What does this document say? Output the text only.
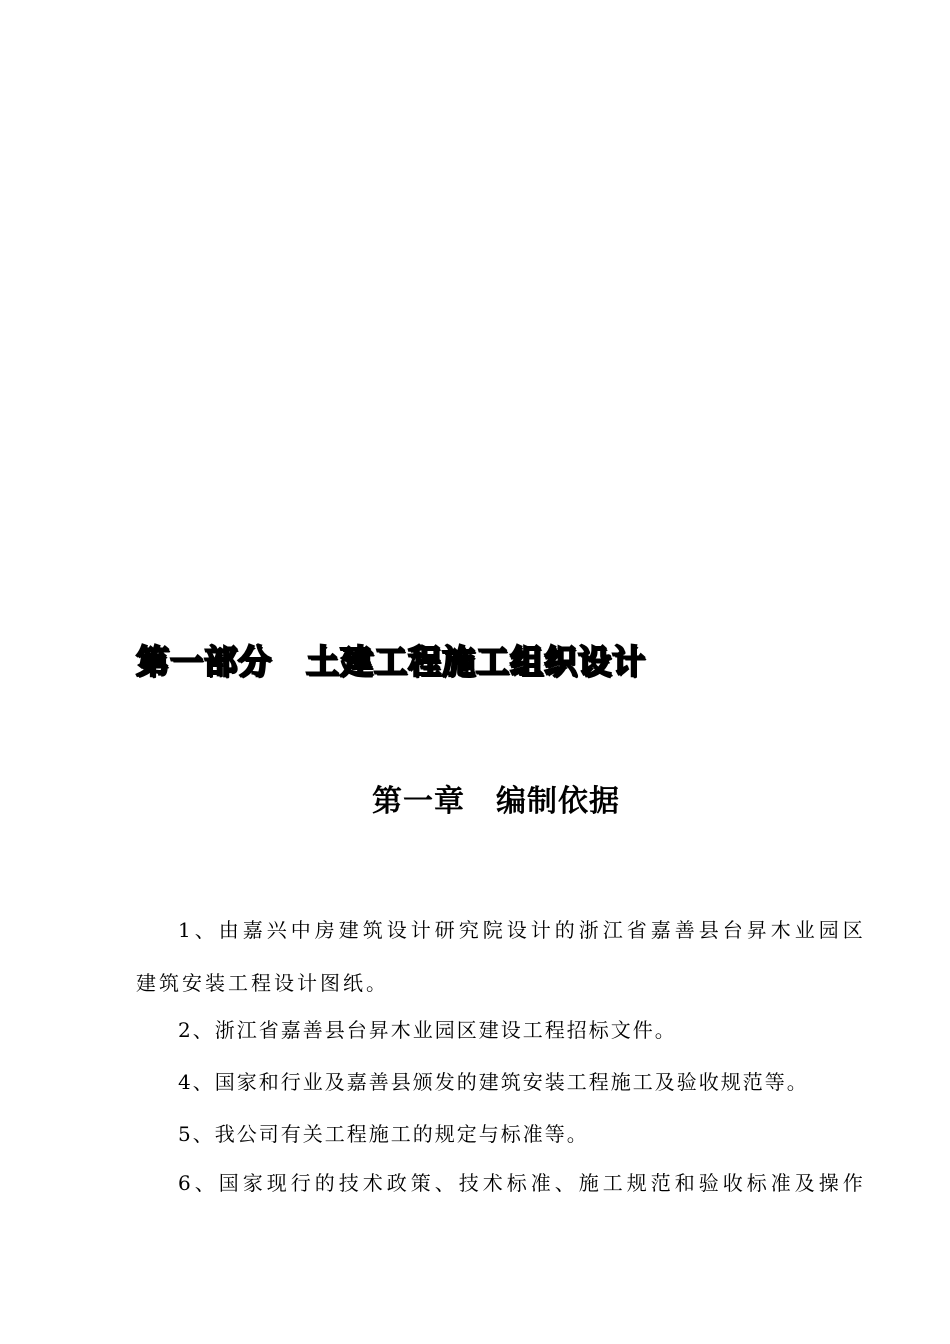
第一部分　土建工程施工组织设计
第一章　编制依据
1、由嘉兴中房建筑设计研究院设计的浙江省嘉善县台昇木业园区
建筑安装工程设计图纸。
2、浙江省嘉善县台昇木业园区建设工程招标文件。
4、国家和行业及嘉善县颁发的建筑安装工程施工及验收规范等。
5、我公司有关工程施工的规定与标准等。
6、国家现行的技术政策、技术标准、施工规范和验收标准及操作
